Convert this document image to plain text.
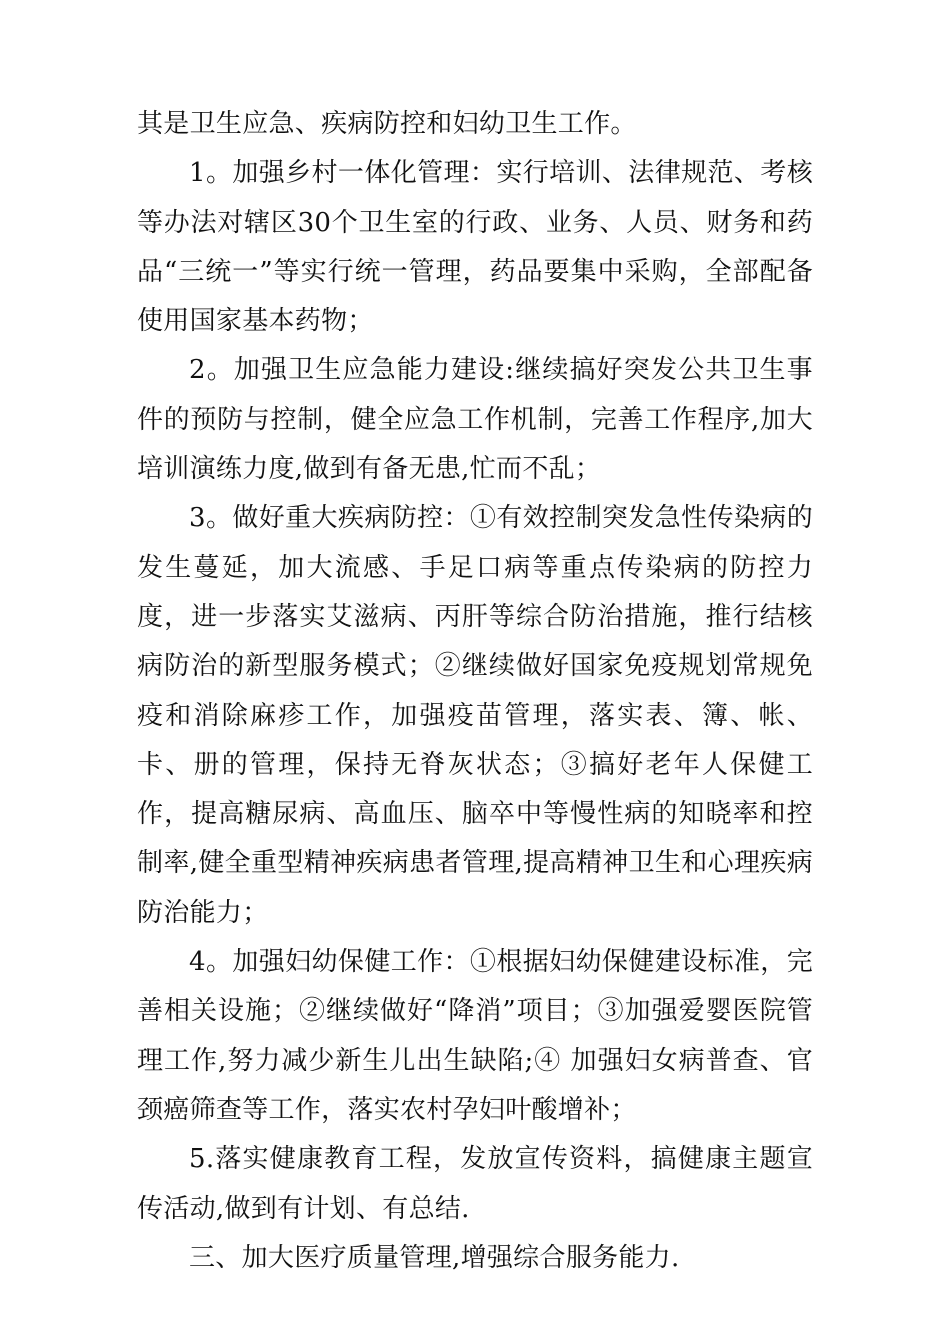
其是卫生应急、疾病防控和妇幼卫生工作。

1。加强乡村一体化管理：实行培训、法律规范、考核等办法对辖区30个卫生室的行政、业务、人员、财务和药品“三统一”等实行统一管理，药品要集中采购，全部配备使用国家基本药物；

2。加强卫生应急能力建设:继续搞好突发公共卫生事件的预防与控制，健全应急工作机制，完善工作程序,加大培训演练力度,做到有备无患,忙而不乱；

3。做好重大疾病防控：①有效控制突发急性传染病的发生蔓延，加大流感、手足口病等重点传染病的防控力度，进一步落实艾滋病、丙肝等综合防治措施，推行结核病防治的新型服务模式；②继续做好国家免疫规划常规免疫和消除麻疹工作，加强疫苗管理，落实表、簿、帐、卡、册的管理，保持无脊灰状态；③搞好老年人保健工作，提高糖尿病、高血压、脑卒中等慢性病的知晓率和控制率,健全重型精神疾病患者管理,提高精神卫生和心理疾病防治能力；

4。加强妇幼保健工作：①根据妇幼保健建设标准，完善相关设施；②继续做好“降消”项目；③加强爱婴医院管理工作,努力减少新生儿出生缺陷;④ 加强妇女病普查、官颈癌筛查等工作，落实农村孕妇叶酸增补；

5.落实健康教育工程，发放宣传资料，搞健康主题宣传活动,做到有计划、有总结.

三、加大医疗质量管理,增强综合服务能力.
